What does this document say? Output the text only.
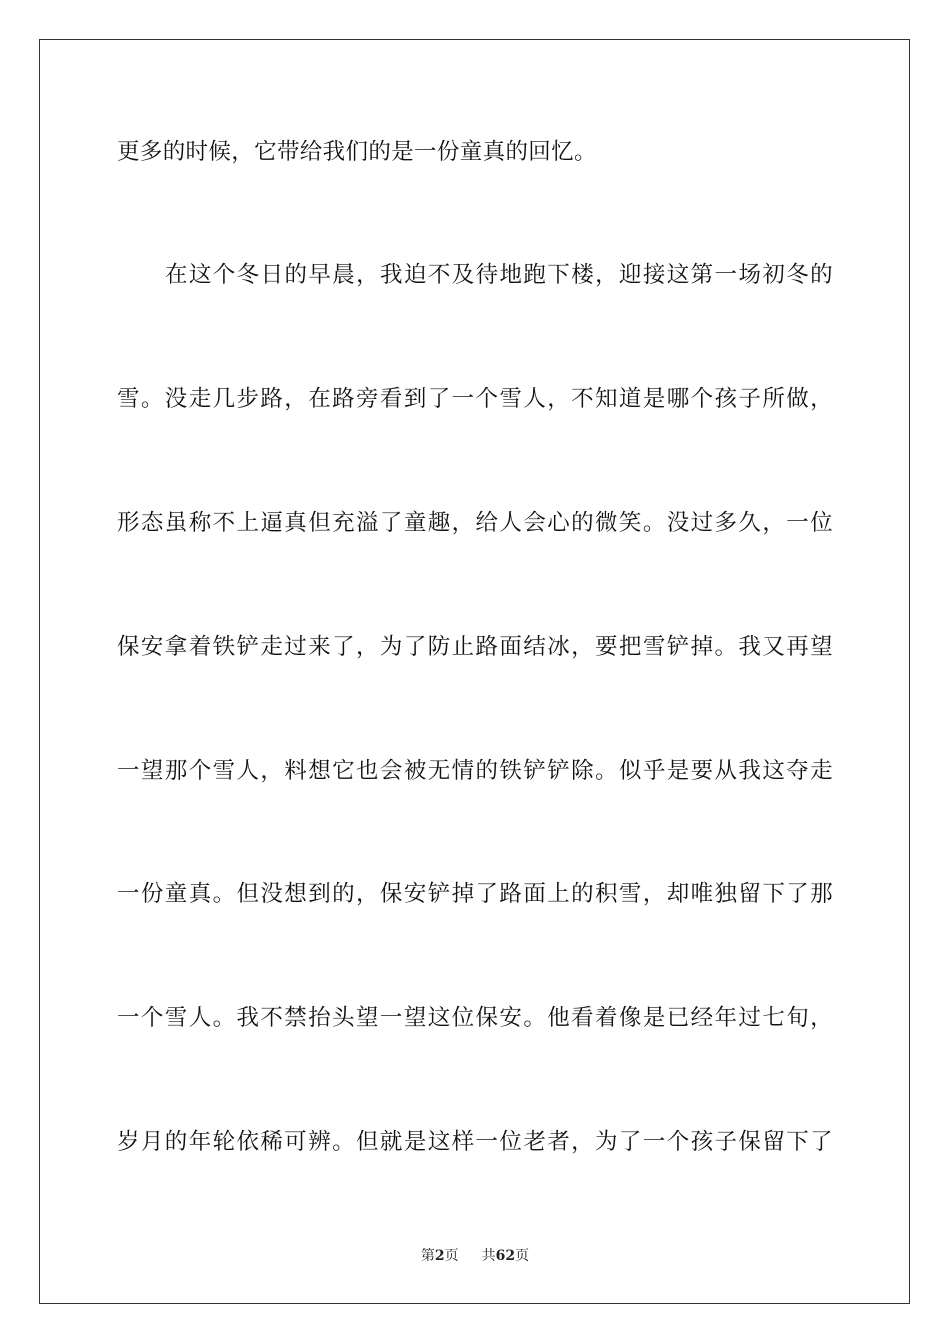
更多的时候，它带给我们的是一份童真的回忆。
在这个冬日的早晨，我迫不及待地跑下楼，迎接这第一场初冬的
雪。没走几步路，在路旁看到了一个雪人，不知道是哪个孩子所做，
形态虽称不上逼真但充溢了童趣，给人会心的微笑。没过多久，一位
保安拿着铁铲走过来了，为了防止路面结冰，要把雪铲掉。我又再望
一望那个雪人，料想它也会被无情的铁铲铲除。似乎是要从我这夺走
一份童真。但没想到的，保安铲掉了路面上的积雪，却唯独留下了那
一个雪人。我不禁抬头望一望这位保安。他看着像是已经年过七旬，
岁月的年轮依稀可辨。但就是这样一位老者，为了一个孩子保留下了
第2页 共62页
